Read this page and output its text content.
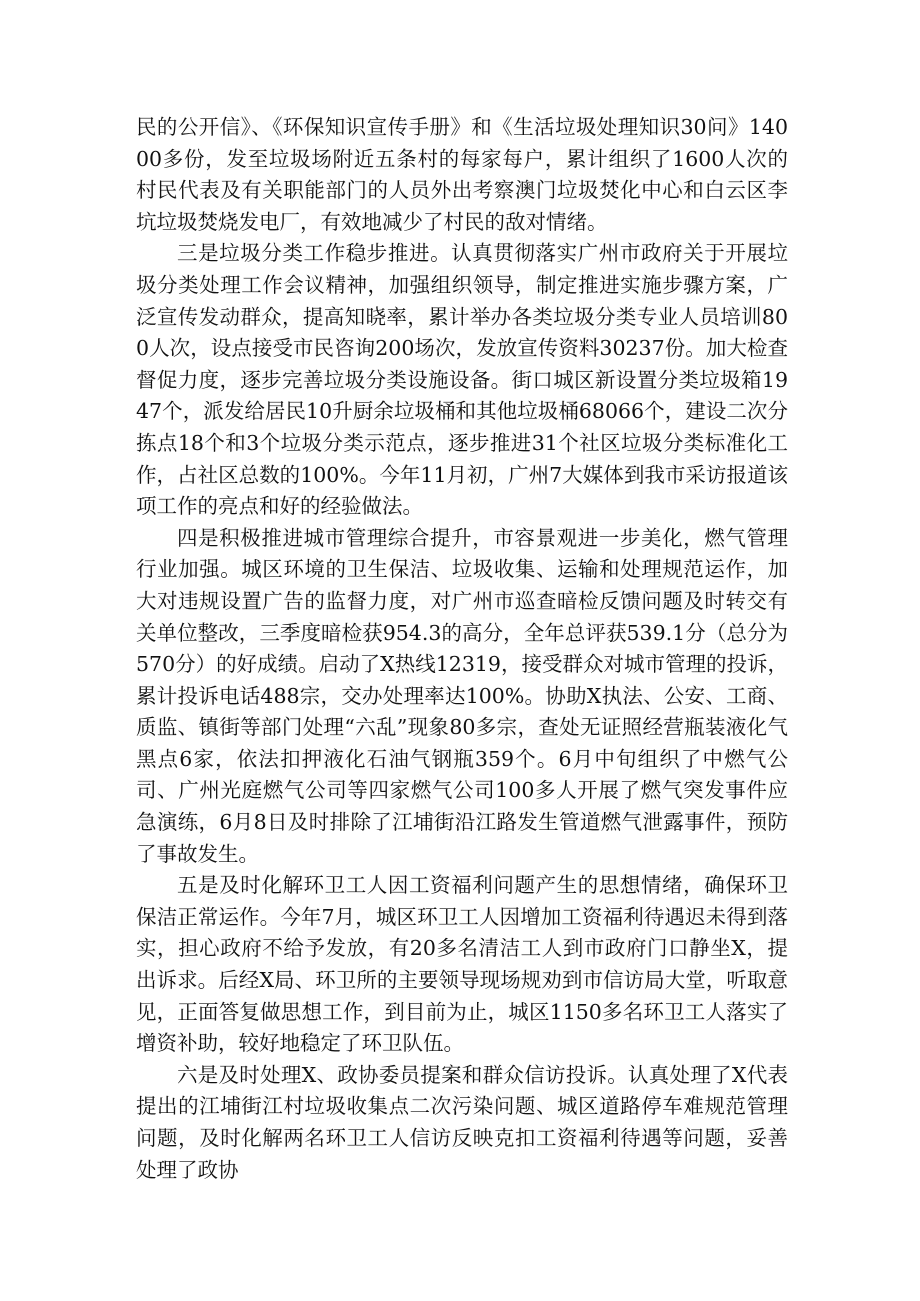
民的公开信》、《环保知识宣传手册》和《生活垃圾处理知识30问》14000多份，发至垃圾场附近五条村的每家每户，累计组织了1600人次的村民代表及有关职能部门的人员外出考察澳门垃圾焚化中心和白云区李坑垃圾焚烧发电厂，有效地减少了村民的敌对情绪。

三是垃圾分类工作稳步推进。认真贯彻落实广州市政府关于开展垃圾分类处理工作会议精神，加强组织领导，制定推进实施步骤方案，广泛宣传发动群众，提高知晓率，累计举办各类垃圾分类专业人员培训800人次，设点接受市民咨询200场次，发放宣传资料30237份。加大检查督促力度，逐步完善垃圾分类设施设备。街口城区新设置分类垃圾箱1947个，派发给居民10升厨余垃圾桶和其他垃圾桶68066个，建设二次分拣点18个和3个垃圾分类示范点，逐步推进31个社区垃圾分类标准化工作，占社区总数的100%。今年11月初，广州7大媒体到我市采访报道该项工作的亮点和好的经验做法。

四是积极推进城市管理综合提升，市容景观进一步美化，燃气管理行业加强。城区环境的卫生保洁、垃圾收集、运输和处理规范运作，加大对违规设置广告的监督力度，对广州市巡查暗检反馈问题及时转交有关单位整改，三季度暗检获954.3的高分，全年总评获539.1分（总分为570分）的好成绩。启动了X热线12319，接受群众对城市管理的投诉，累计投诉电话488宗，交办处理率达100%。协助X执法、公安、工商、质监、镇街等部门处理“六乱”现象80多宗，查处无证照经营瓶装液化气黑点6家，依法扣押液化石油气钢瓶359个。6月中旬组织了中燃气公司、广州光庭燃气公司等四家燃气公司100多人开展了燃气突发事件应急演练，6月8日及时排除了江埔街沿江路发生管道燃气泄露事件，预防了事故发生。

五是及时化解环卫工人因工资福利问题产生的思想情绪，确保环卫保洁正常运作。今年7月，城区环卫工人因增加工资福利待遇迟未得到落实，担心政府不给予发放，有20多名清洁工人到市政府门口静坐X，提出诉求。后经X局、环卫所的主要领导现场规劝到市信访局大堂，听取意见，正面答复做思想工作，到目前为止，城区1150多名环卫工人落实了增资补助，较好地稳定了环卫队伍。

六是及时处理X、政协委员提案和群众信访投诉。认真处理了X代表提出的江埔街江村垃圾收集点二次污染问题、城区道路停车难规范管理问题，及时化解两名环卫工人信访反映克扣工资福利待遇等问题，妥善处理了政协
